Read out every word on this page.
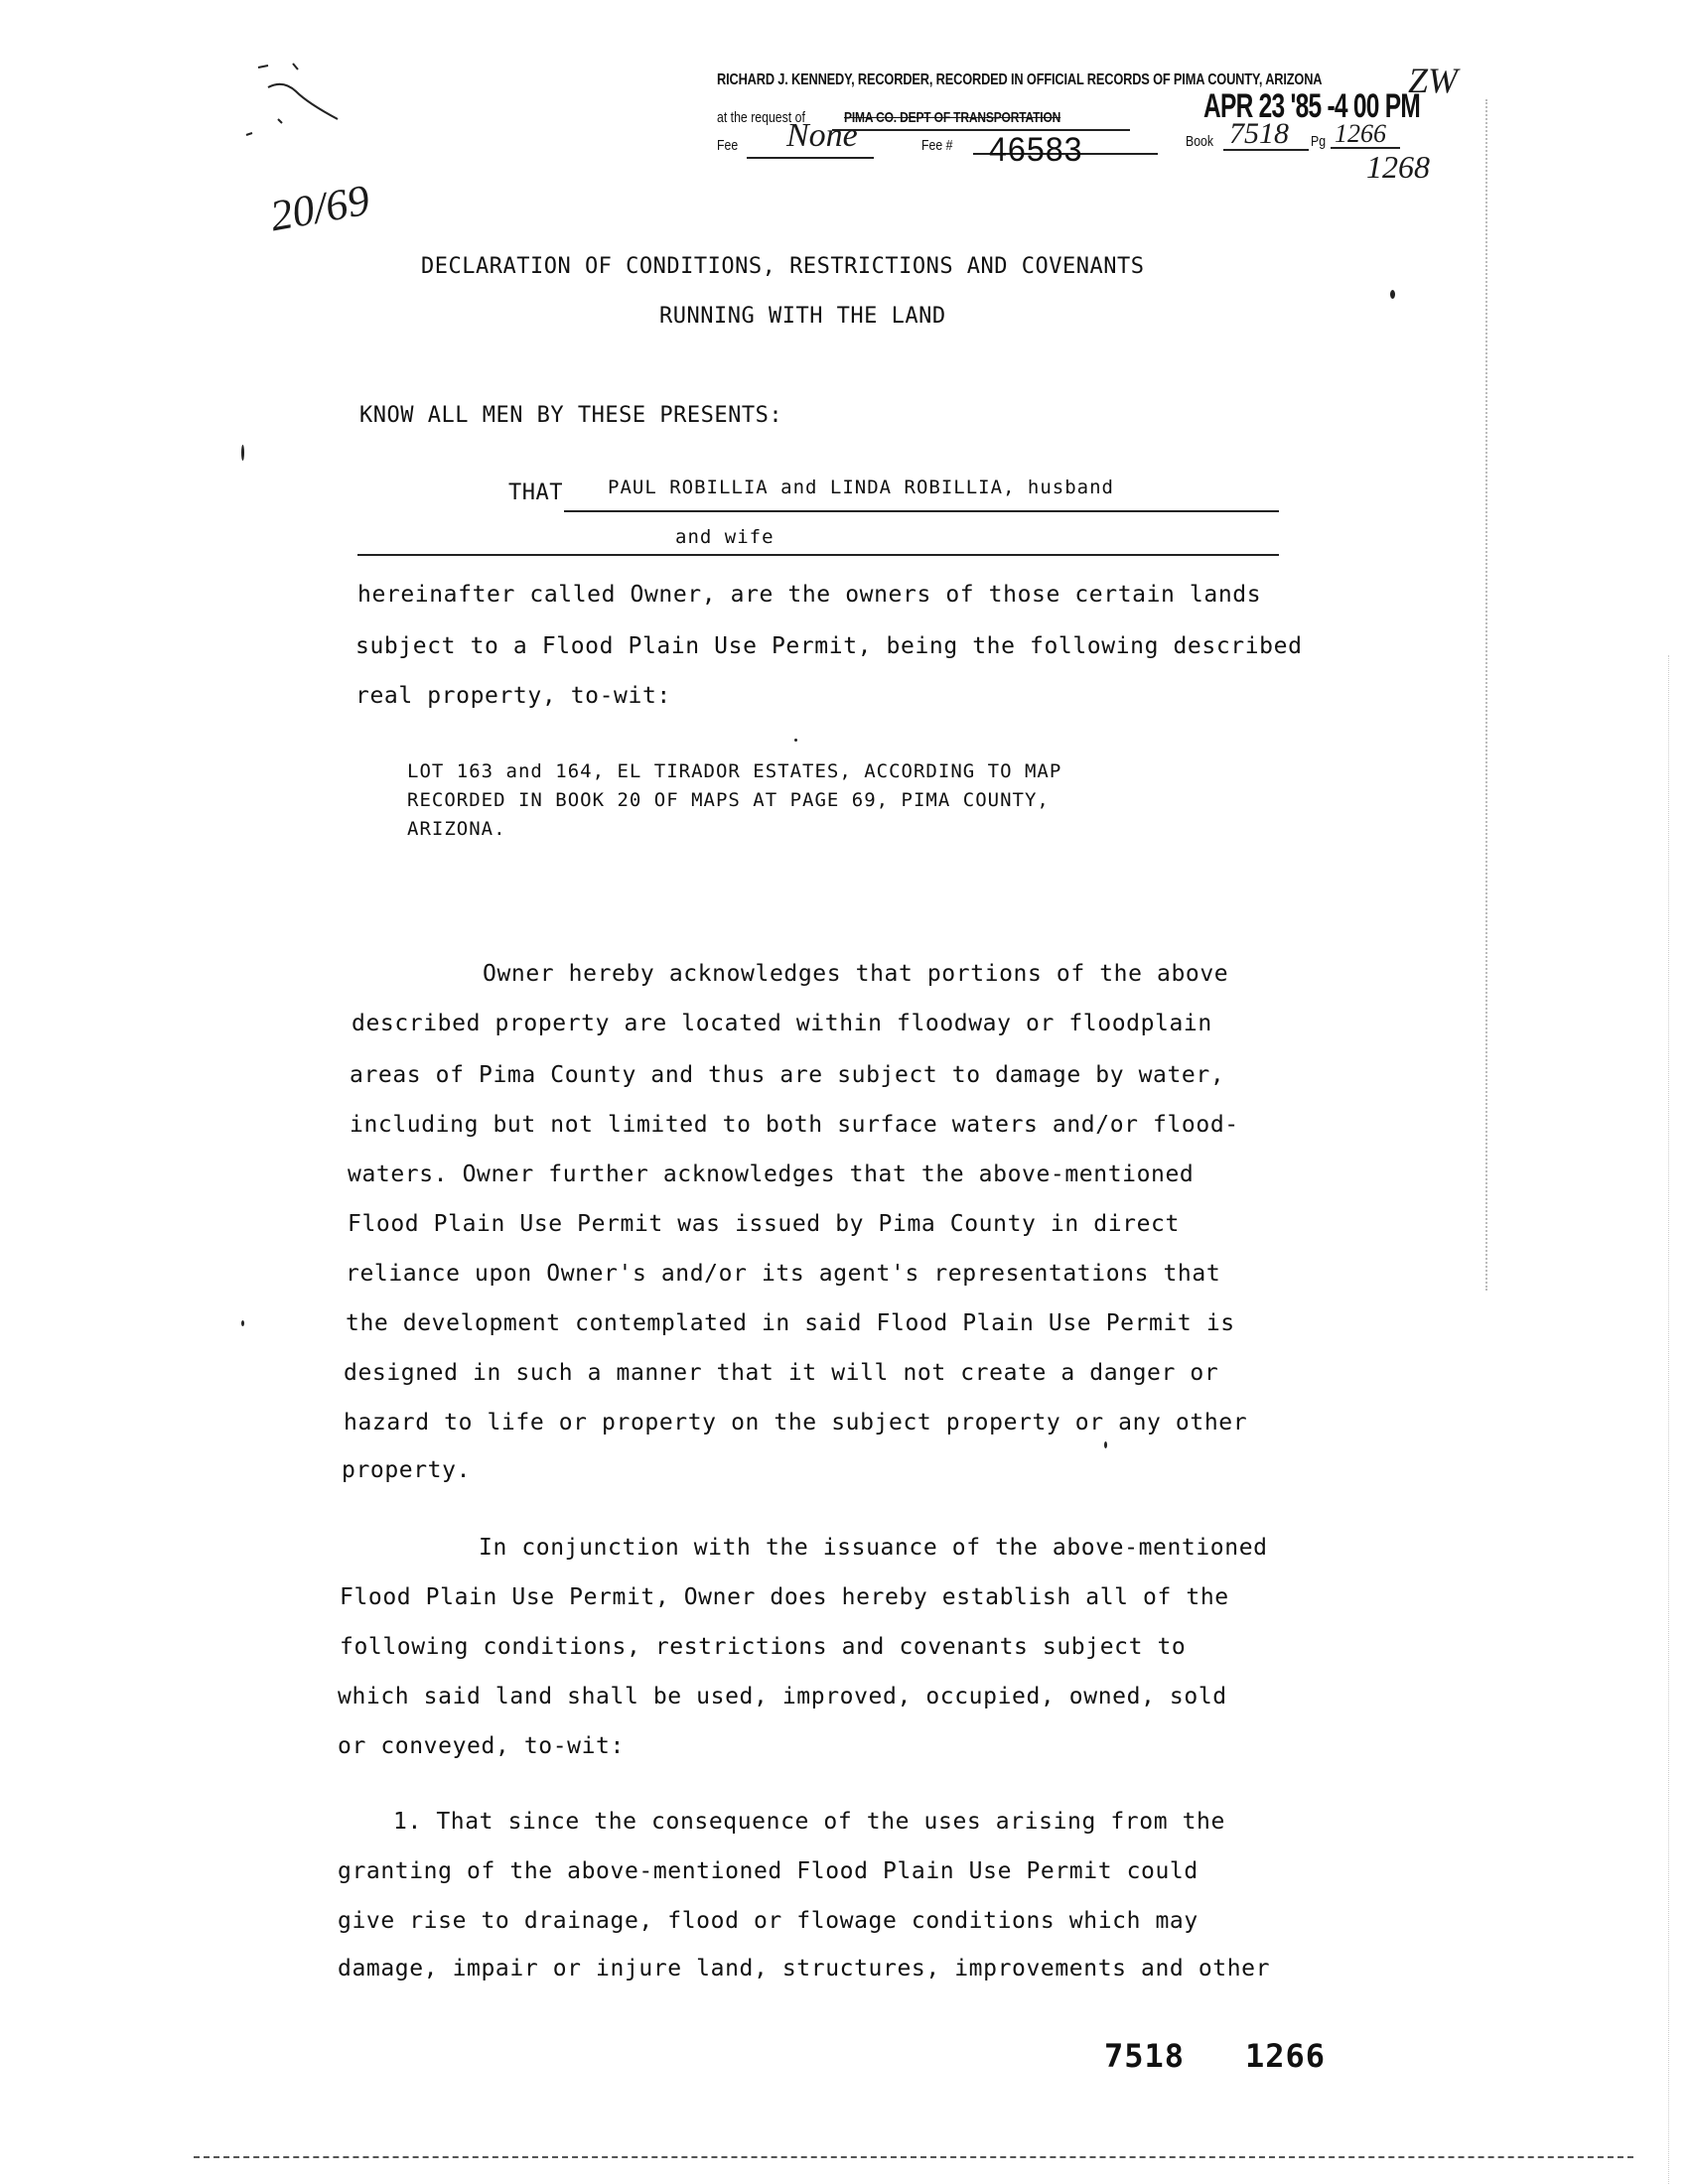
RICHARD J. KENNEDY, RECORDER, RECORDED IN OFFICIAL RECORDS OF PIMA COUNTY, ARIZONA
at the request of	PIMA CO. DEPT OF TRANSPORTATION	APR 23 '85 -4 00 PM
ZW
Fee None	Fee # 46583	Book 7518 Pg 1266
1268
20/69
DECLARATION OF CONDITIONS, RESTRICTIONS AND COVENANTS
RUNNING WITH THE LAND
KNOW ALL MEN BY THESE PRESENTS:
THAT PAUL ROBILLIA and LINDA ROBILLIA, husband
and wife
hereinafter called Owner, are the owners of those certain lands
subject to a Flood Plain Use Permit, being the following described
real property, to-wit:
LOT 163 and 164, EL TIRADOR ESTATES, ACCORDING TO MAP
RECORDED IN BOOK 20 OF MAPS AT PAGE 69, PIMA COUNTY,
ARIZONA.
Owner hereby acknowledges that portions of the above
described property are located within floodway or floodplain
areas of Pima County and thus are subject to damage by water,
including but not limited to both surface waters and/or flood-
waters. Owner further acknowledges that the above-mentioned
Flood Plain Use Permit was issued by Pima County in direct
reliance upon Owner's and/or its agent's representations that
the development contemplated in said Flood Plain Use Permit is
designed in such a manner that it will not create a danger or
hazard to life or property on the subject property or any other
property.
In conjunction with the issuance of the above-mentioned
Flood Plain Use Permit, Owner does hereby establish all of the
following conditions, restrictions and covenants subject to
which said land shall be used, improved, occupied, owned, sold
or conveyed, to-wit:
1. That since the consequence of the uses arising from the
granting of the above-mentioned Flood Plain Use Permit could
give rise to drainage, flood or flowage conditions which may
damage, impair or injure land, structures, improvements and other
7518 1266
